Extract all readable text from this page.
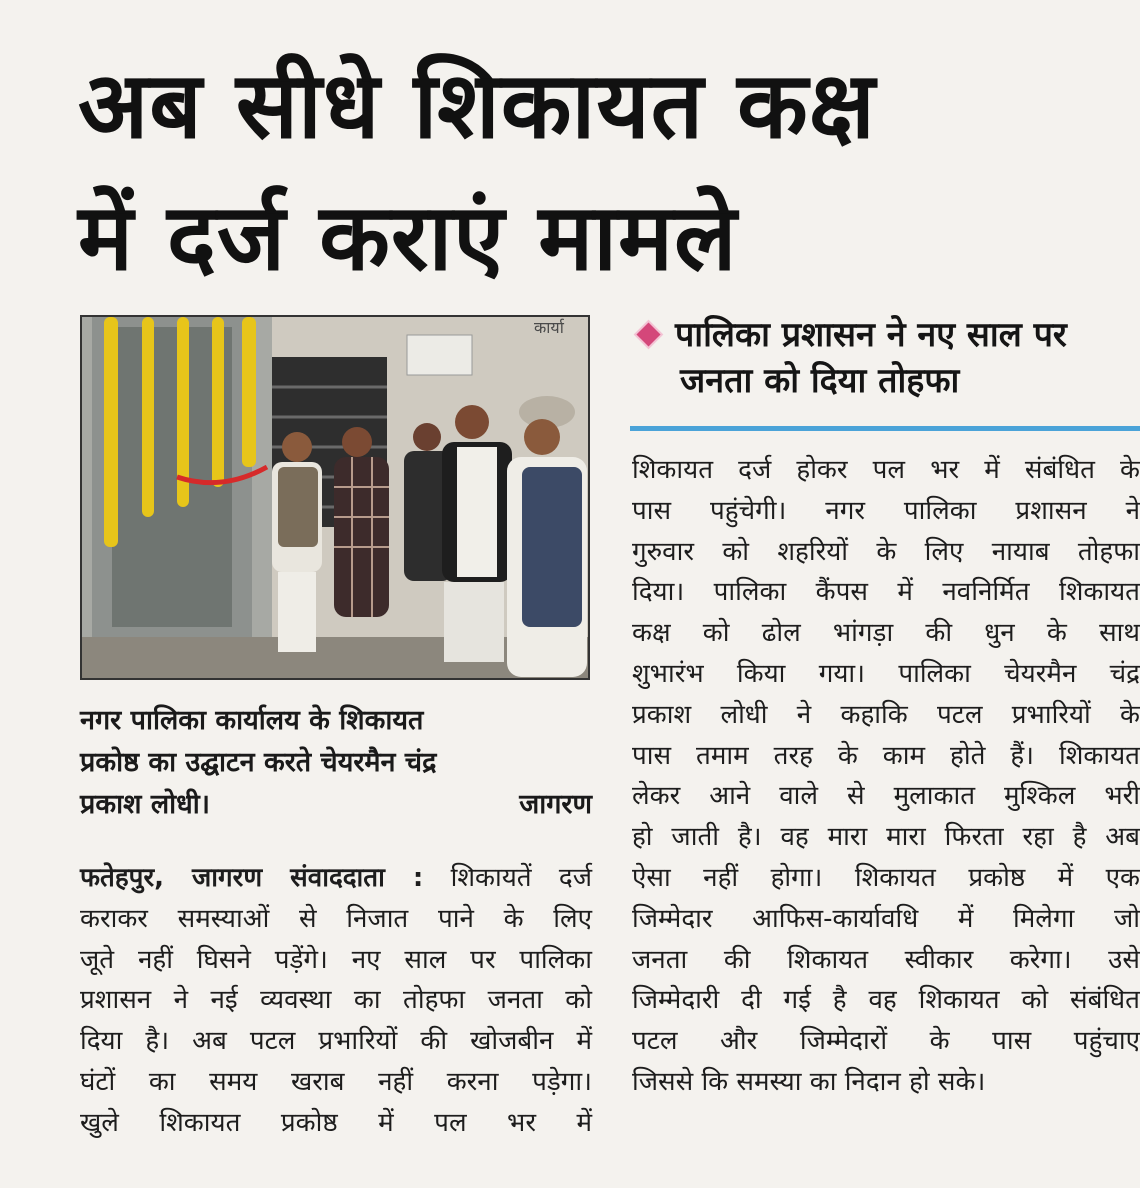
अब सीधे शिकायत कक्ष
में दर्ज कराएं मामले
कार्या
नगर पालिका कार्यालय के शिकायत
प्रकोष्ठ का उद्घाटन करते चेयरमैन चंद्र
प्रकाश लोधी।	जागरण
फतेहपुर, जागरण संवाददाता : शिकायतें दर्ज
कराकर समस्याओं से निजात पाने के लिए
जूते नहीं घिसने पड़ेंगे। नए साल पर पालिका
प्रशासन ने नई व्यवस्था का तोहफा जनता को
दिया है। अब पटल प्रभारियों की खोजबीन में
घंटों का समय खराब नहीं करना पड़ेगा।
खुले शिकायत प्रकोष्ठ में पल भर में
पालिका प्रशासन ने नए साल पर
जनता को दिया तोहफा
शिकायत दर्ज होकर पल भर में संबंधित के
पास पहुंचेगी। नगर पालिका प्रशासन ने
गुरुवार को शहरियों के लिए नायाब तोहफा
दिया। पालिका कैंपस में नवनिर्मित शिकायत
कक्ष को ढोल भांगड़ा की धुन के साथ
शुभारंभ किया गया। पालिका चेयरमैन चंद्र
प्रकाश लोधी ने कहाकि पटल प्रभारियों के
पास तमाम तरह के काम होते हैं। शिकायत
लेकर आने वाले से मुलाकात मुश्किल भरी
हो जाती है। वह मारा मारा फिरता रहा है अब
ऐसा नहीं होगा। शिकायत प्रकोष्ठ में एक
जिम्मेदार आफिस-कार्यावधि में मिलेगा जो
जनता की शिकायत स्वीकार करेगा। उसे
जिम्मेदारी दी गई है वह शिकायत को संबंधित
पटल और जिम्मेदारों के पास पहुंचाए
जिससे कि समस्या का निदान हो सके।
